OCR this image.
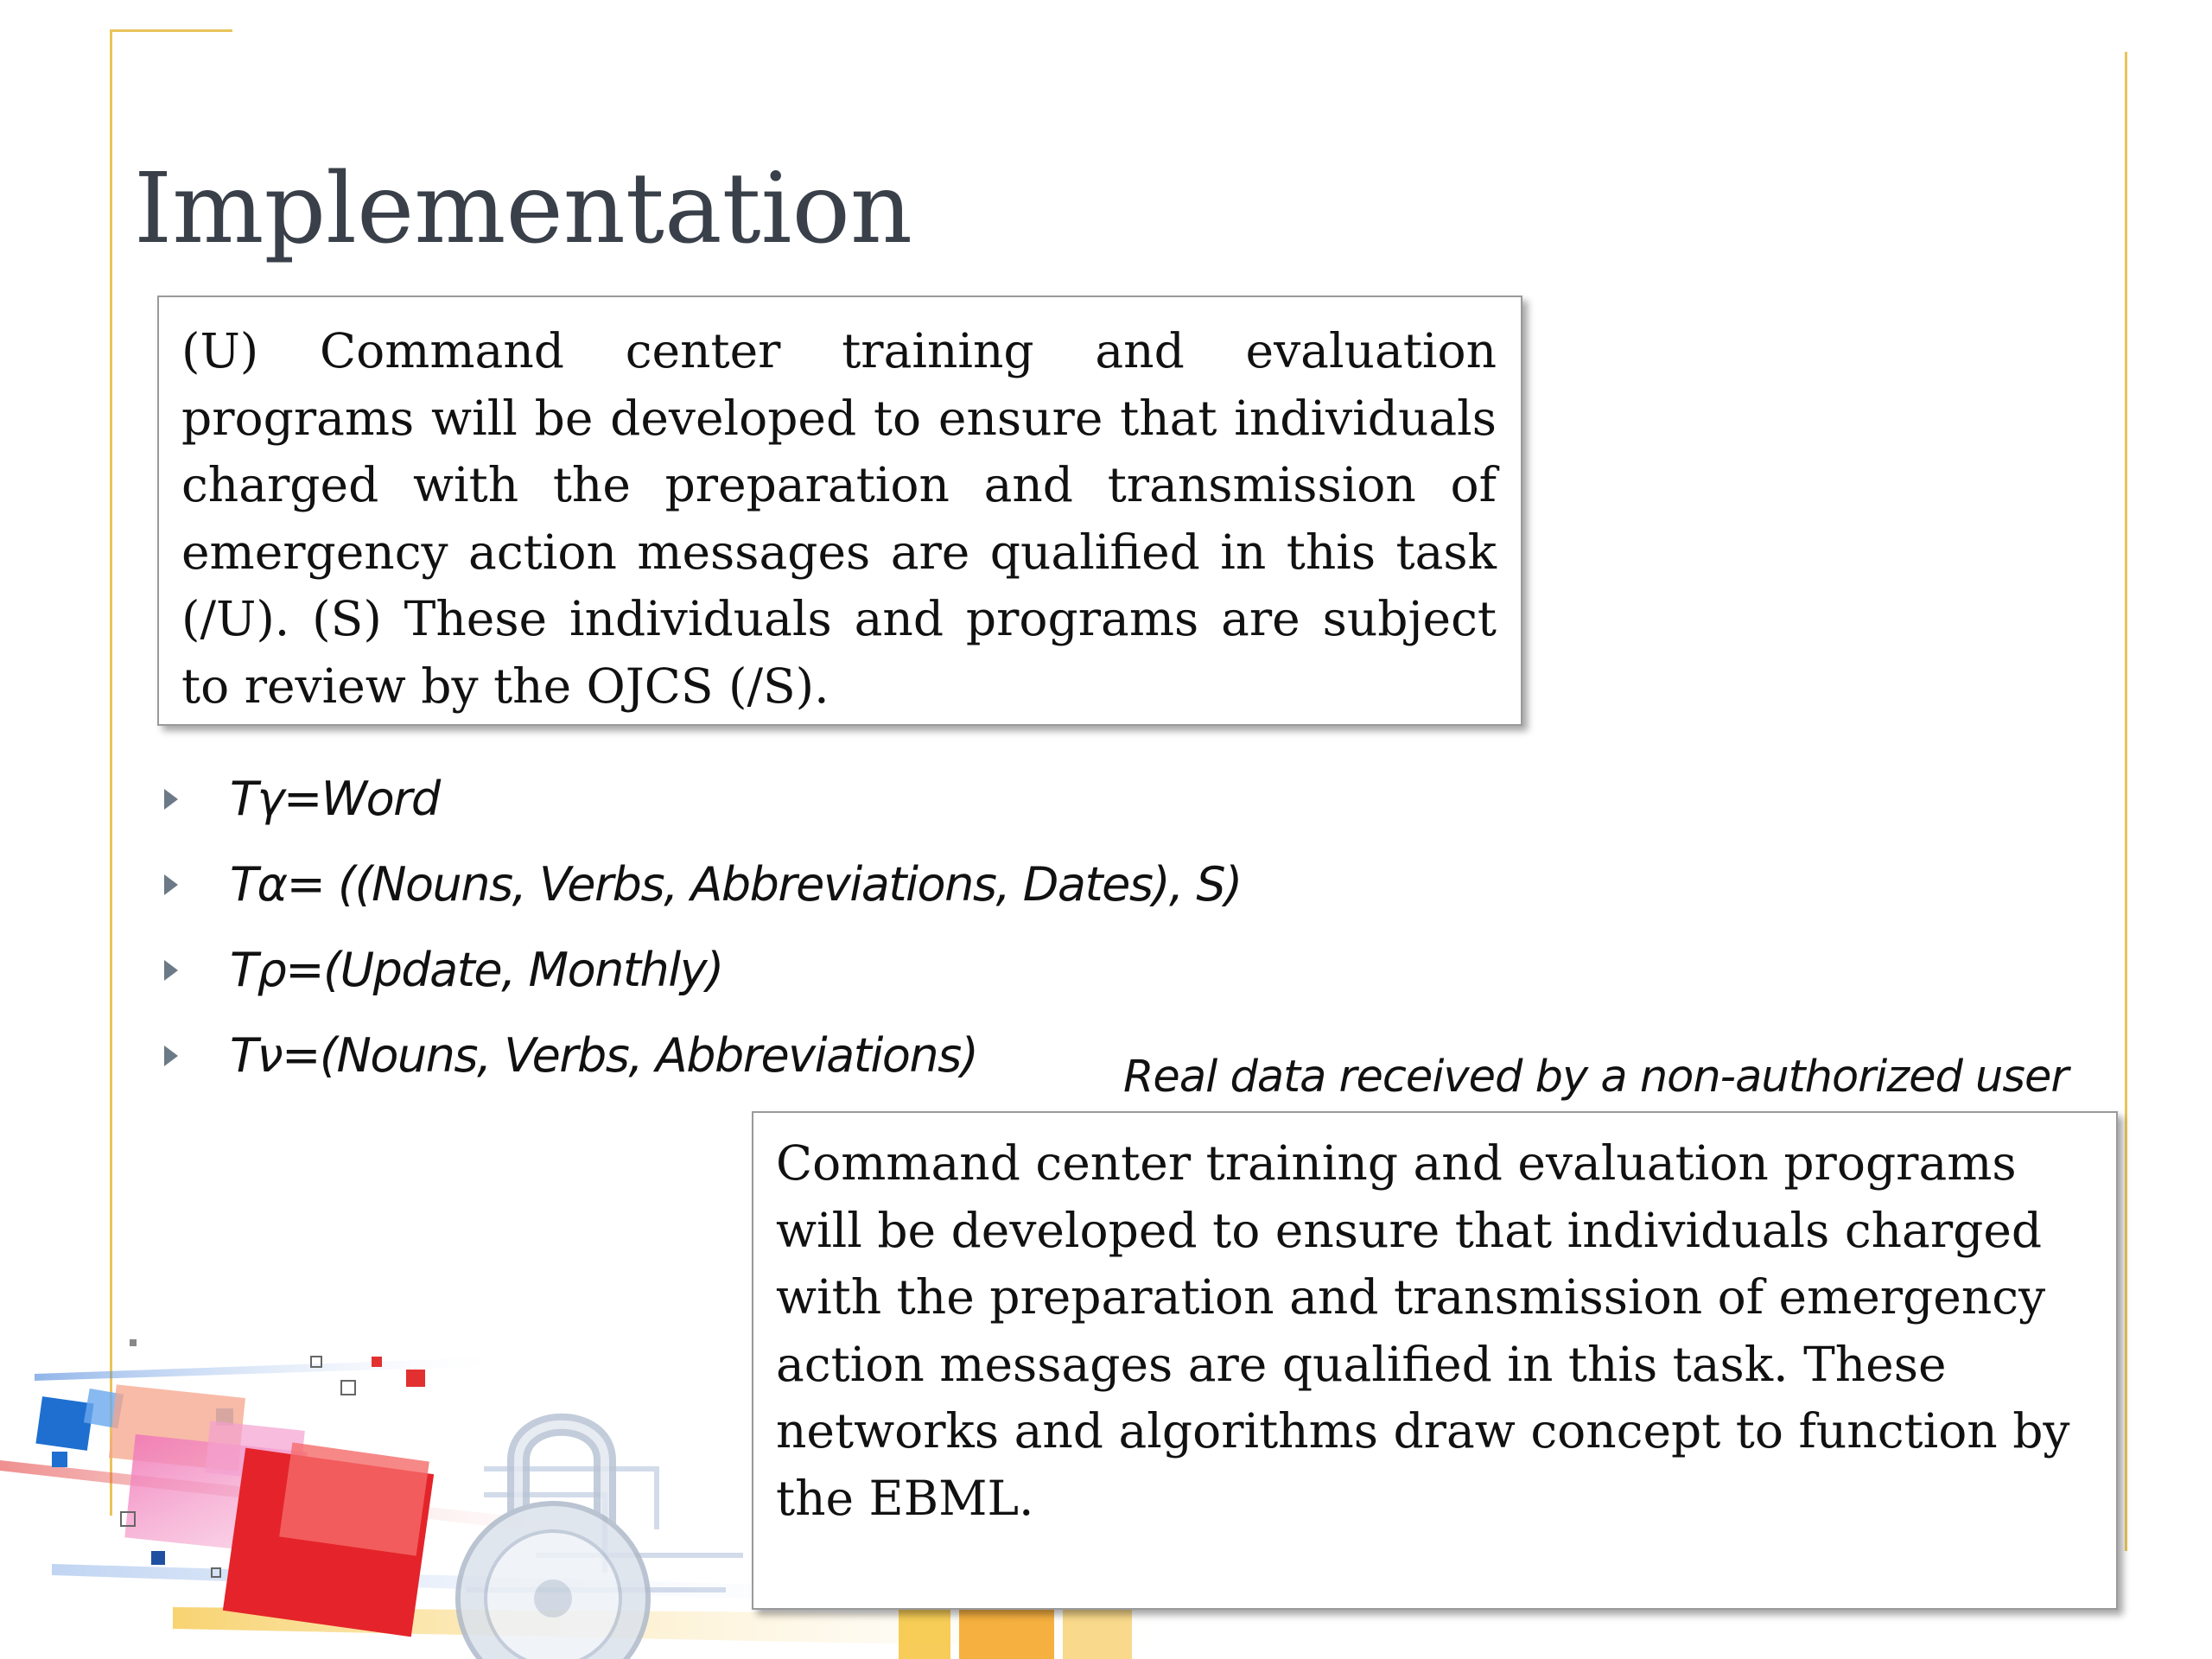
Implementation

(U) Command center training and evaluation programs will be developed to ensure that individuals charged with the preparation and transmission of emergency action messages are qualified in this task (/U). (S) These individuals and programs are subject to review by the OJCS (/S).

Tγ=Word
Tα= ((Nouns, Verbs, Abbreviations, Dates), S)
Tρ=(Update, Monthly)
Tν=(Nouns, Verbs, Abbreviations)	Real data received by a non-authorized user

Command center training and evaluation programs will be developed to ensure that individuals charged with the preparation and transmission of emergency action messages are qualified in this task. These networks and algorithms draw concept to function by the EBML.
